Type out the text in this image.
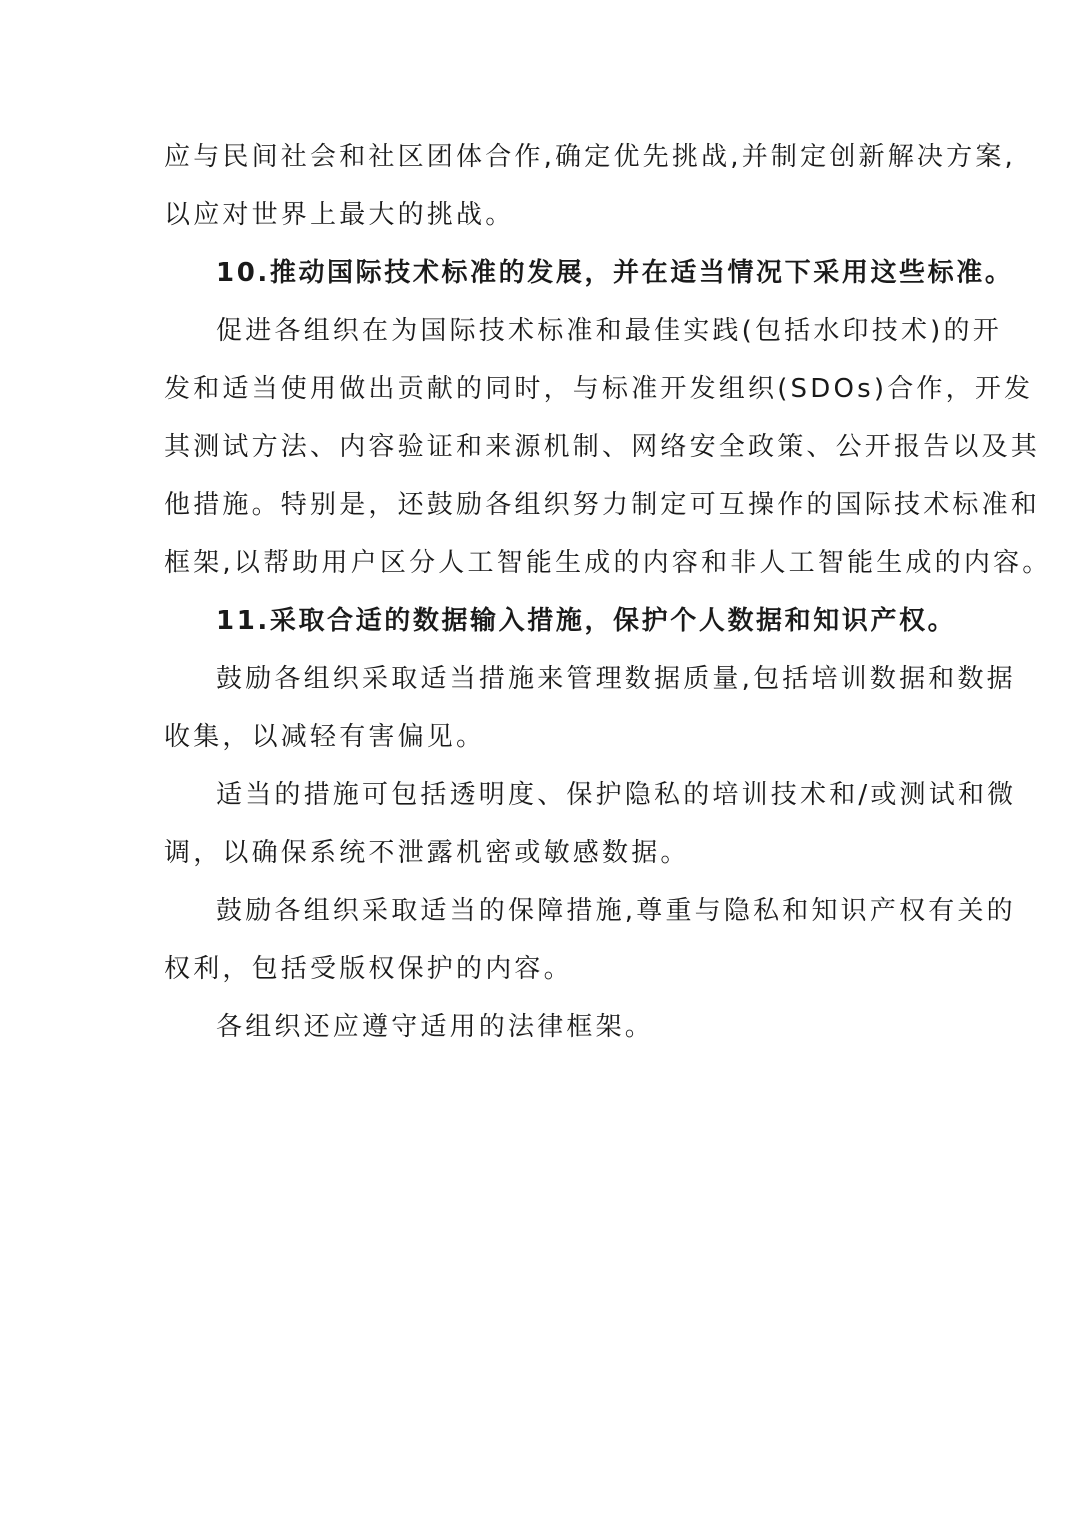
应与民间社会和社区团体合作,确定优先挑战,并制定创新解决方案,
以应对世界上最大的挑战。
10.推动国际技术标准的发展，并在适当情况下采用这些标准。
促进各组织在为国际技术标准和最佳实践(包括水印技术)的开
发和适当使用做出贡献的同时，与标准开发组织(SDOs)合作，开发
其测试方法、内容验证和来源机制、网络安全政策、公开报告以及其
他措施。特别是，还鼓励各组织努力制定可互操作的国际技术标准和
框架,以帮助用户区分人工智能生成的内容和非人工智能生成的内容。
11.采取合适的数据输入措施，保护个人数据和知识产权。
鼓励各组织采取适当措施来管理数据质量,包括培训数据和数据
收集，以减轻有害偏见。
适当的措施可包括透明度、保护隐私的培训技术和/或测试和微
调，以确保系统不泄露机密或敏感数据。
鼓励各组织采取适当的保障措施,尊重与隐私和知识产权有关的
权利，包括受版权保护的内容。
各组织还应遵守适用的法律框架。
